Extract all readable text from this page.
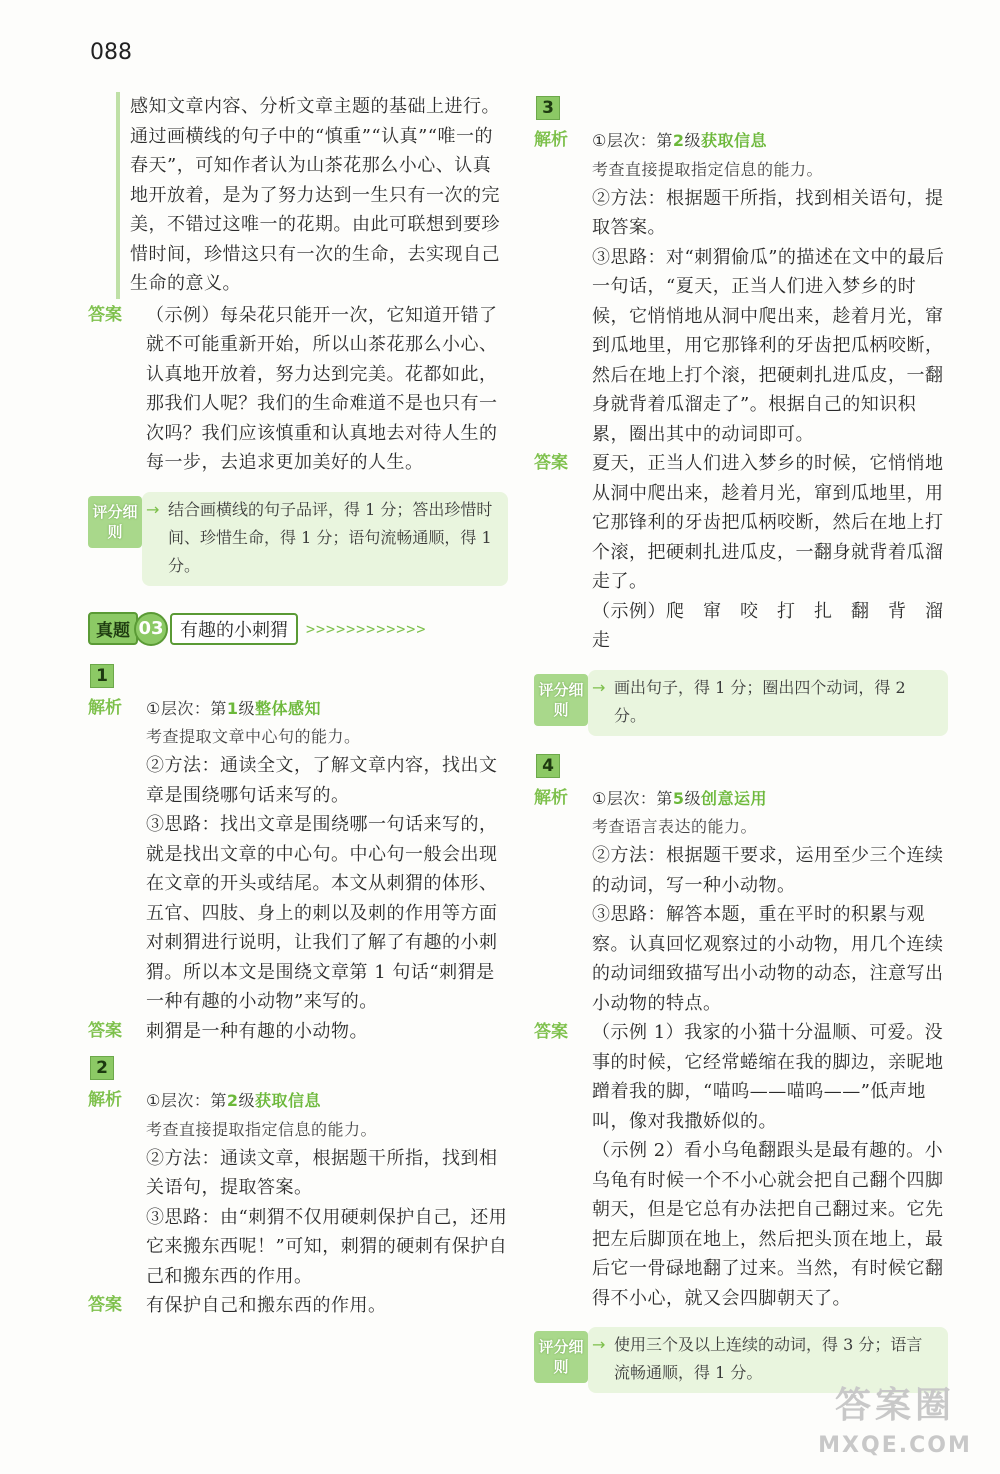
088
感知文章内容、分析文章主题的基础上进行。通过画横线的句子中的“慎重”“认真”“唯一的春天”，可知作者认为山茶花那么小心、认真地开放着，是为了努力达到一生只有一次的完美，不错过这唯一的花期。由此可联想到要珍惜时间，珍惜这只有一次的生命，去实现自己生命的意义。
答案	（示例）每朵花只能开一次，它知道开错了就不可能重新开始，所以山茶花那么小心、认真地开放着，努力达到完美。花都如此，那我们人呢？我们的生命难道不是也只有一次吗？我们应该慎重和认真地去对待人生的每一步，去追求更加美好的人生。
评分细则
→ 结合画横线的句子品评，得 1 分；答出珍惜时间、珍惜生命，得 1 分；语句流畅通顺，得 1 分。
真题 03 有趣的小刺猬	>>>>>>>>>>>>
1
解析	①层次：第1级整体感知
考查提取文章中心句的能力。
②方法：通读全文，了解文章内容，找出文章是围绕哪句话来写的。
③思路：找出文章是围绕哪一句话来写的，就是找出文章的中心句。中心句一般会出现在文章的开头或结尾。本文从刺猬的体形、五官、四肢、身上的刺以及刺的作用等方面对刺猬进行说明，让我们了解了有趣的小刺猬。所以本文是围绕文章第 1 句话“刺猬是一种有趣的小动物”来写的。
答案	刺猬是一种有趣的小动物。
2
解析	①层次：第2级获取信息
考查直接提取指定信息的能力。
②方法：通读文章，根据题干所指，找到相关语句，提取答案。
③思路：由“刺猬不仅用硬刺保护自己，还用它来搬东西呢！”可知，刺猬的硬刺有保护自己和搬东西的作用。
答案	有保护自己和搬东西的作用。
3
解析	①层次：第2级获取信息
考查直接提取指定信息的能力。
②方法：根据题干所指，找到相关语句，提取答案。
③思路：对“刺猬偷瓜”的描述在文中的最后一句话，“夏天，正当人们进入梦乡的时候，它悄悄地从洞中爬出来，趁着月光，窜到瓜地里，用它那锋利的牙齿把瓜柄咬断，然后在地上打个滚，把硬刺扎进瓜皮，一翻身就背着瓜溜走了”。根据自己的知识积累，圈出其中的动词即可。
答案	夏天，正当人们进入梦乡的时候，它悄悄地从洞中爬出来，趁着月光，窜到瓜地里，用它那锋利的牙齿把瓜柄咬断，然后在地上打个滚，把硬刺扎进瓜皮，一翻身就背着瓜溜走了。
（示例）爬　窜　咬　打　扎　翻　背　溜走
评分细则
→ 画出句子，得 1 分；圈出四个动词，得 2 分。
4
解析	①层次：第5级创意运用
考查语言表达的能力。
②方法：根据题干要求，运用至少三个连续的动词，写一种小动物。
③思路：解答本题，重在平时的积累与观察。认真回忆观察过的小动物，用几个连续的动词细致描写出小动物的动态，注意写出小动物的特点。
答案	（示例 1）我家的小猫十分温顺、可爱。没事的时候，它经常蜷缩在我的脚边，亲昵地蹭着我的脚，“喵呜——喵呜——”低声地叫，像对我撒娇似的。
（示例 2）看小乌龟翻跟头是最有趣的。小乌龟有时候一个不小心就会把自己翻个四脚朝天，但是它总有办法把自己翻过来。它先把左后脚顶在地上，然后把头顶在地上，最后它一骨碌地翻了过来。当然，有时候它翻得不小心，就又会四脚朝天了。
评分细则
→ 使用三个及以上连续的动词，得 3 分；语言流畅通顺，得 1 分。
答案圈
MXQE.COM
